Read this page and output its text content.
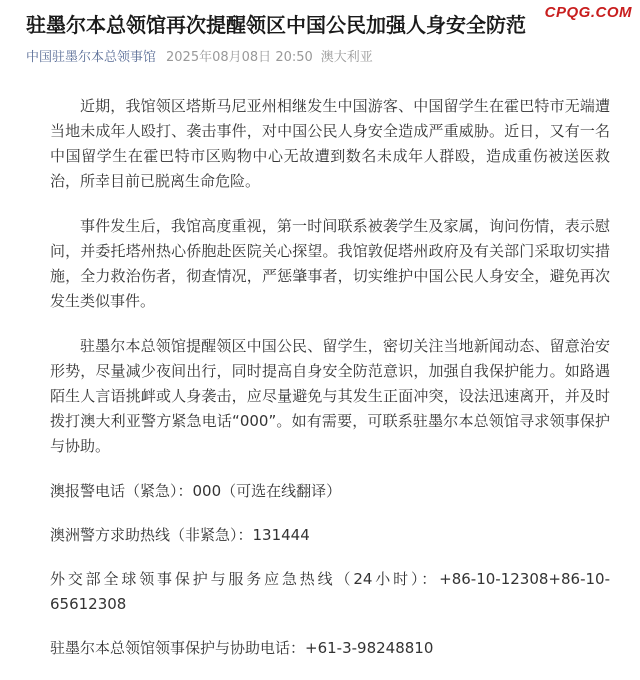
CPQG.COM
驻墨尔本总领馆再次提醒领区中国公民加强人身安全防范
中国驻墨尔本总领事馆 2025年08月08日 20:50 澳大利亚

近期，我馆领区塔斯马尼亚州相继发生中国游客、中国留学生在霍巴特市无端遭当地未成年人殴打、袭击事件，对中国公民人身安全造成严重威胁。近日，又有一名中国留学生在霍巴特市区购物中心无故遭到数名未成年人群殴，造成重伤被送医救治，所幸目前已脱离生命危险。

事件发生后，我馆高度重视，第一时间联系被袭学生及家属，询问伤情，表示慰问，并委托塔州热心侨胞赴医院关心探望。我馆敦促塔州政府及有关部门采取切实措施，全力救治伤者，彻查情况，严惩肇事者，切实维护中国公民人身安全，避免再次发生类似事件。

驻墨尔本总领馆提醒领区中国公民、留学生，密切关注当地新闻动态、留意治安形势，尽量减少夜间出行，同时提高自身安全防范意识，加强自我保护能力。如路遇陌生人言语挑衅或人身袭击，应尽量避免与其发生正面冲突，设法迅速离开，并及时拨打澳大利亚警方紧急电话“000”。如有需要，可联系驻墨尔本总领馆寻求领事保护与协助。

澳报警电话（紧急）：000（可选在线翻译）

澳洲警方求助热线（非紧急）：131444

外交部全球领事保护与服务应急热线（24小时）：+86-10-12308+86-10-65612308

驻墨尔本总领馆领事保护与协助电话：+61-3-98248810
